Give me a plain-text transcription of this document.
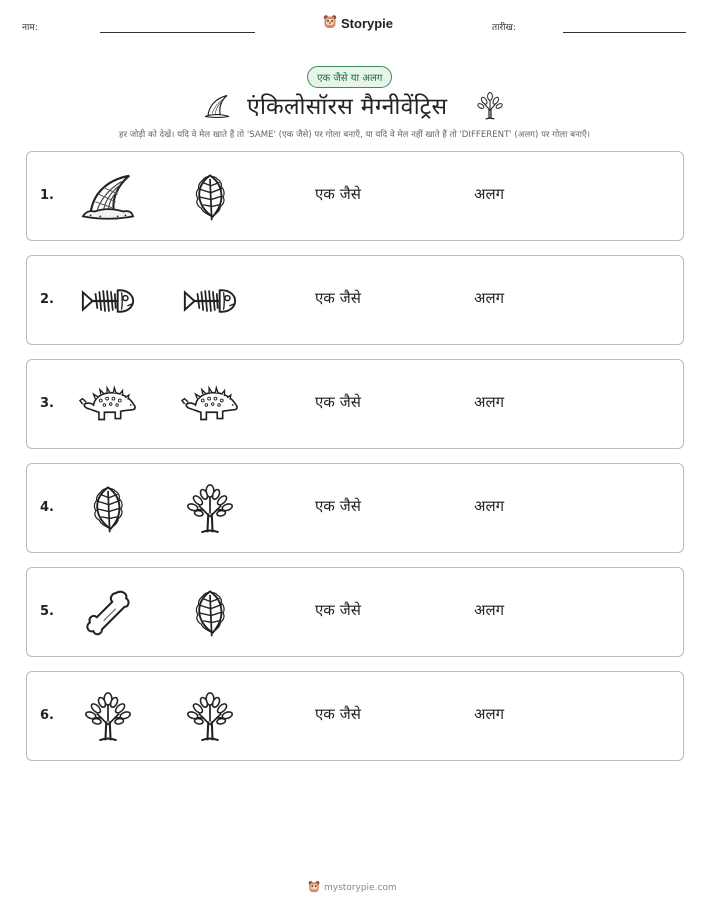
नाम:	Storypie	तारीख:
एक जैसे या अलग
एंकिलोसॉरस मैग्नीवेंट्रिस
हर जोड़ी को देखें। यदि वे मेल खाते हैं तो 'SAME' (एक जैसे) पर गोला बनाएँ, या यदि वे मेल नहीं खाते हैं तो 'DIFFERENT' (अलग) पर गोला बनाएँ।
1.	एक जैसे	अलग
2.	एक जैसे	अलग
3.	एक जैसे	अलग
4.	एक जैसे	अलग
5.	एक जैसे	अलग
6.	एक जैसे	अलग
mystorypie.com
